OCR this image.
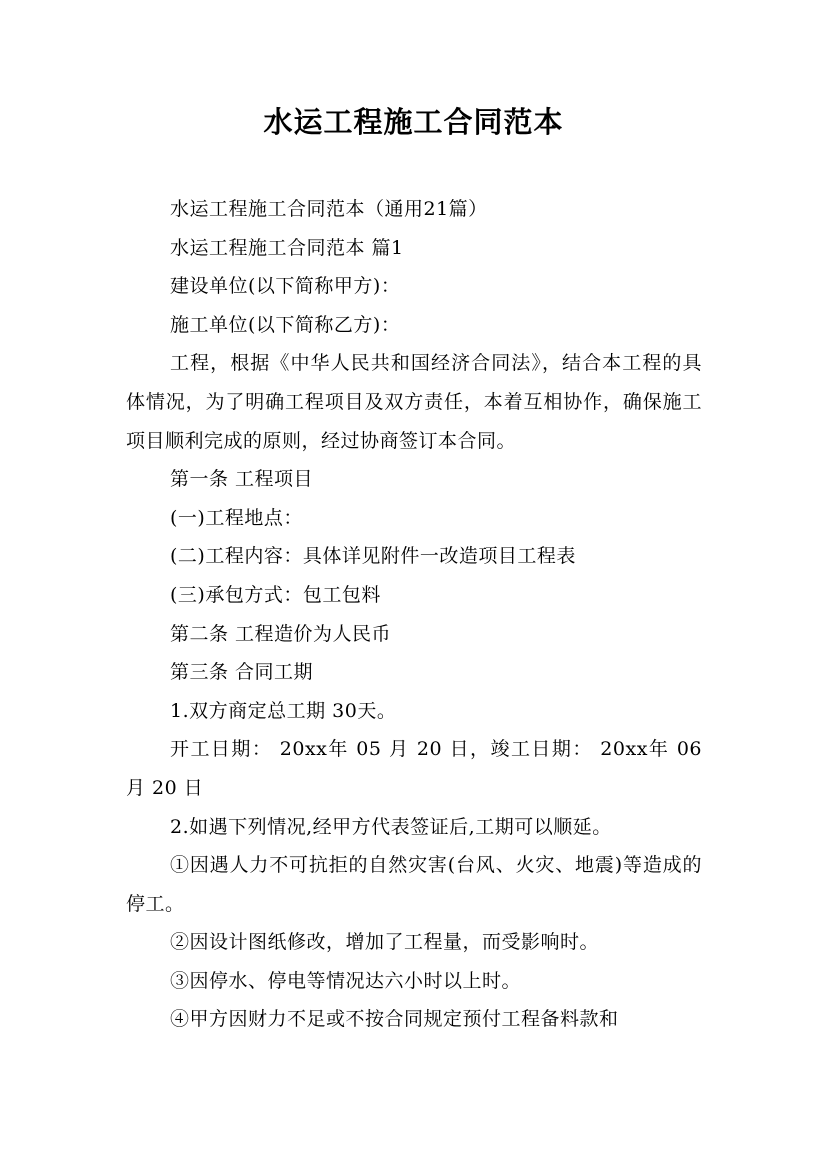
水运工程施工合同范本

水运工程施工合同范本（通用21篇）

水运工程施工合同范本 篇1

建设单位(以下简称甲方)：

施工单位(以下简称乙方)：

工程，根据《中华人民共和国经济合同法》，结合本工程的具体情况，为了明确工程项目及双方责任，本着互相协作，确保施工项目顺利完成的原则，经过协商签订本合同。

第一条 工程项目

(一)工程地点：

(二)工程内容：具体详见附件一改造项目工程表

(三)承包方式：包工包料

第二条 工程造价为人民币

第三条 合同工期

1.双方商定总工期 30天。

开工日期： 20xx年 05 月 20 日，竣工日期： 20xx年 06 月 20 日

2.如遇下列情况,经甲方代表签证后,工期可以顺延。

①因遇人力不可抗拒的自然灾害(台风、火灾、地震)等造成的停工。

②因设计图纸修改，增加了工程量，而受影响时。

③因停水、停电等情况达六小时以上时。

④甲方因财力不足或不按合同规定预付工程备料款和
